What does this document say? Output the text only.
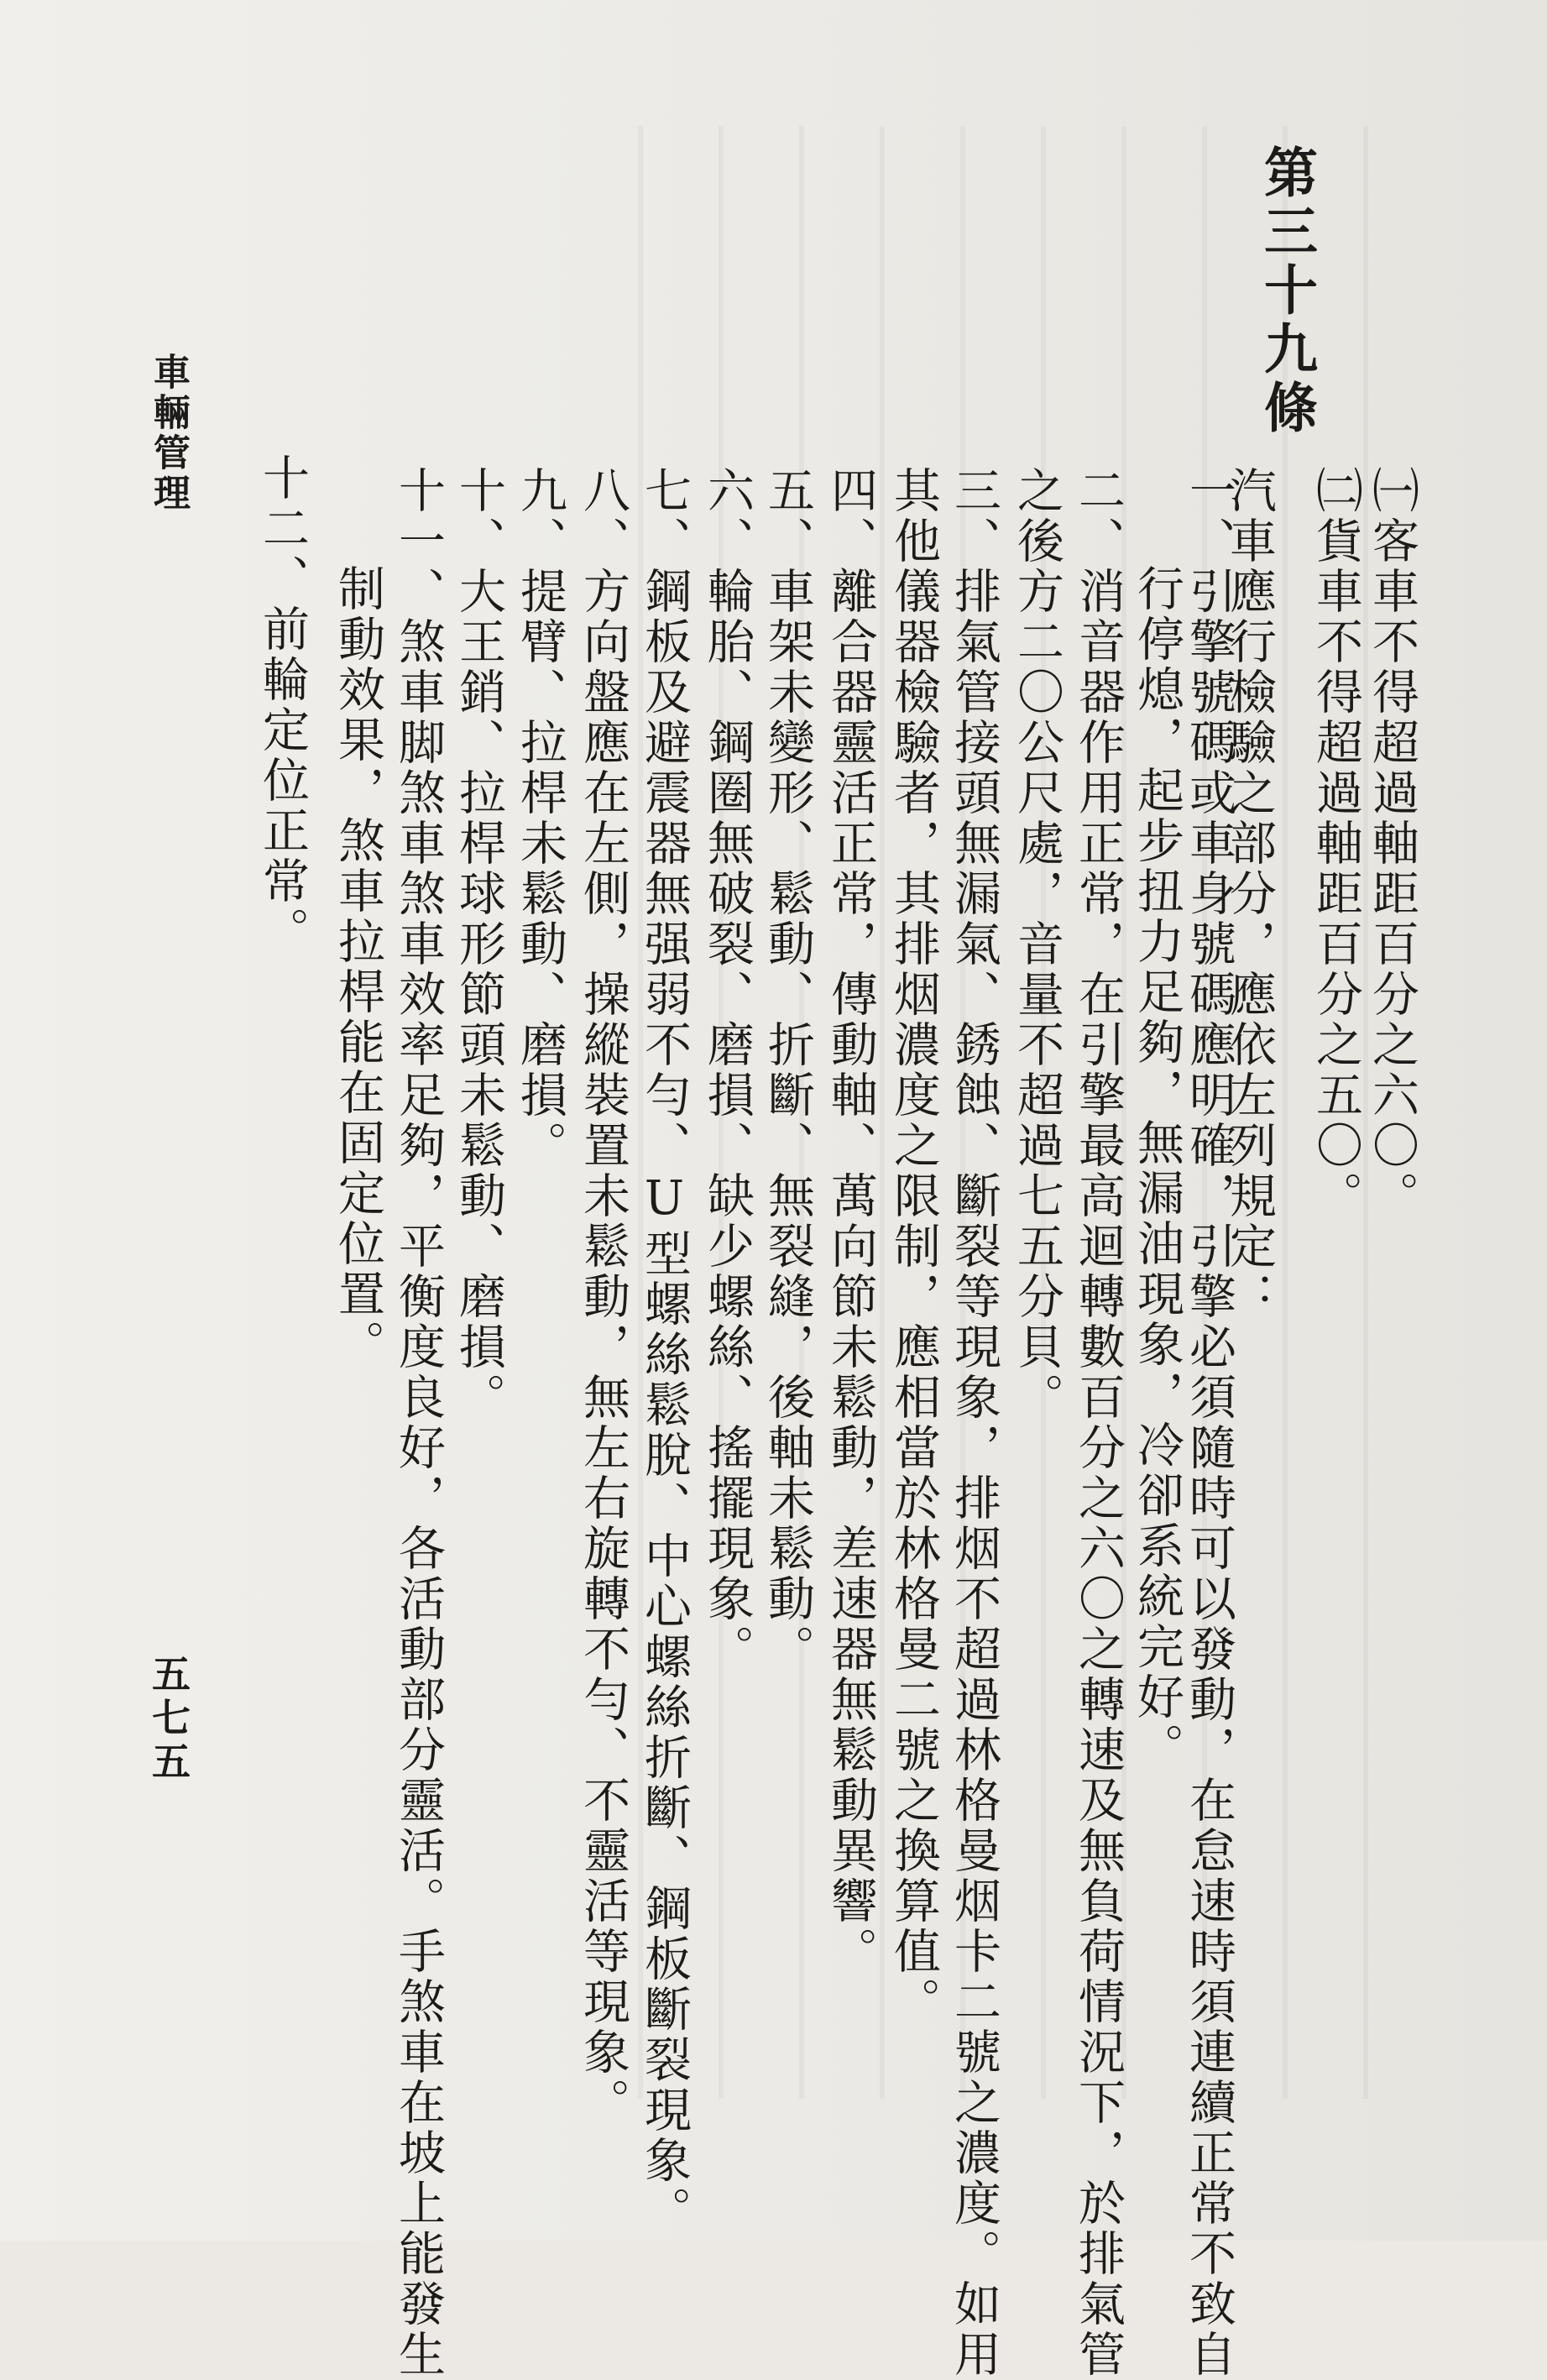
㈠客車不得超過軸距百分之六〇。
㈡貨車不得超過軸距百分之五〇。
第三十九條
汽車應行檢驗之部分，應依左列規定：
一、引擎號碼或車身號碼應明確，引擎必須隨時可以發動，在怠速時須連續正常不致自
行停熄，起步扭力足夠，無漏油現象，冷卻系統完好。
二、消音器作用正常，在引擎最高迴轉數百分之六〇之轉速及無負荷情況下，於排氣管
之後方二〇公尺處，音量不超過七五分貝。
三、排氣管接頭無漏氣、銹蝕、斷裂等現象，排烟不超過林格曼烟卡二號之濃度。如用
其他儀器檢驗者，其排烟濃度之限制，應相當於林格曼二號之換算值。
四、離合器靈活正常，傳動軸、萬向節未鬆動，差速器無鬆動異響。
五、車架未變形、鬆動、折斷、無裂縫，後軸未鬆動。
六、輪胎、鋼圈無破裂、磨損、缺少螺絲、搖擺現象。
七、鋼板及避震器無强弱不勻、U型螺絲鬆脫、中心螺絲折斷、鋼板斷裂現象。
八、方向盤應在左側，操縱裝置未鬆動，無左右旋轉不勻、不靈活等現象。
九、提臂、拉桿未鬆動、磨損。
十、大王銷、拉桿球形節頭未鬆動、磨損。
十一、煞車脚煞車煞車效率足夠，平衡度良好，各活動部分靈活。手煞車在坡上能發生
制動效果，煞車拉桿能在固定位置。
十二、前輪定位正常。
車輛管理
五七五
